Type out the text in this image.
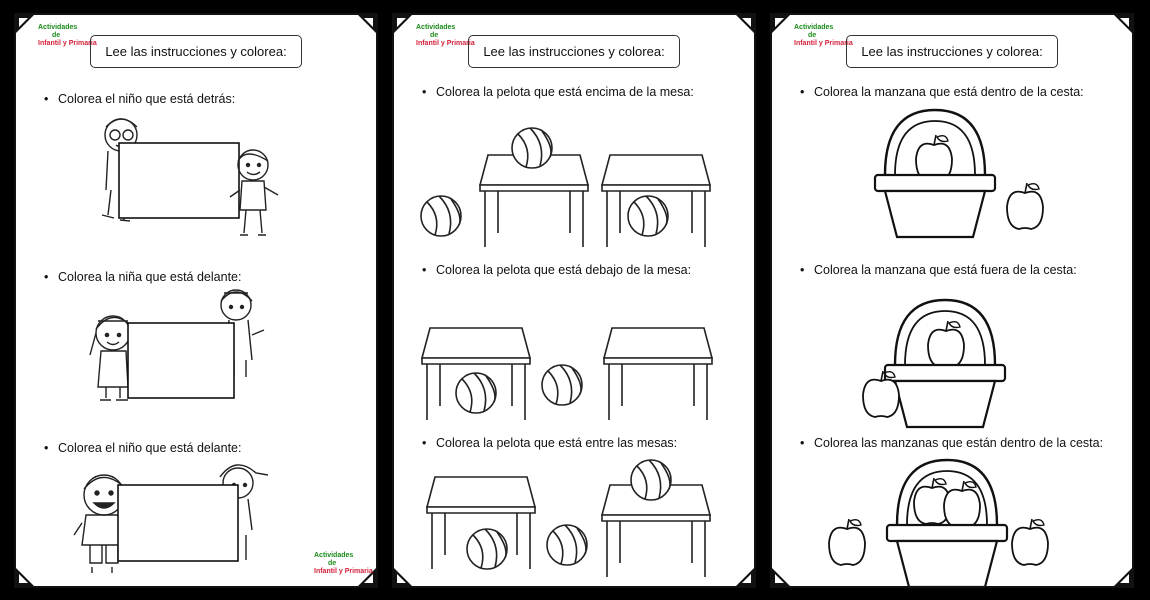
Actividades
de
Infantil y Primaria
Actividades
de
Infantil y Primaria
Lee las instrucciones y colorea:
• Colorea el niño que está detrás:
• Colorea la niña que está delante:
• Colorea el niño que está delante:
Actividades
de
Infantil y Primaria
Lee las instrucciones y colorea:
• Colorea la pelota que está encima de la mesa:
• Colorea la pelota que está debajo de la mesa:
• Colorea la pelota que está entre las mesas:
Actividades
de
Infantil y Primaria
Lee las instrucciones y colorea:
• Colorea la manzana que está dentro de la cesta:
• Colorea la manzana que está fuera de la cesta:
• Colorea las manzanas que están dentro de la cesta:
